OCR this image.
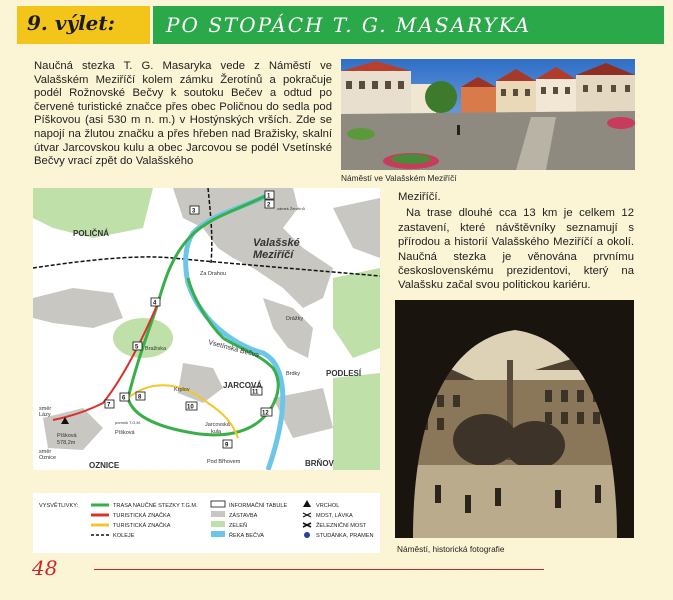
9. výlet:	PO STOPÁCH T. G. MASARYKA

Naučná stezka T. G. Masaryka vede z Náměstí ve Valašském Meziříčí kolem zámku Žerotínů a pokračuje podél Rožnovské Bečvy k soutoku Bečev a odtud po červené turistické značce přes obec Poličnou do sedla pod Píškovou (asi 530 m n. m.) v Hostýnských vrších. Zde se napojí na žlutou značku a přes hřeben nad Bražisky, skalní útvar Jarcovskou kulu a obec Jarcovou se podél Vsetínské Bečvy vrací zpět do Valašského

Náměstí ve Valašském Meziříčí
Meziříčí.
Na trase dlouhé cca 13 km je celkem 12 zastavení, které návštěvníky seznamují s přírodou a historií Valašského Meziříčí a okolí. Naučná stezka je věnována prvnímu československému prezidentovi, který na Valašsku začal svou politickou kariéru.
1
2
3
4
5
6
7
8
9
10
11
12
POLIČNÁ
Valašské
Meziříčí
PODLESÍ
JARCOVÁ
OZNICE	BRŇOV
Za Drahou
Drážky
Vsetínská Bečva
Bražiska
Krplov
Brdky
Jarcovská
kula
Pod Břhovem
Píšková
Píšková
578,2m
směr
Lázy
směr
Oznice
pomník T.G.M.
zámek Žerotínů
VYSVĚTLIVKY:	TRASA NAUČNÉ STEZKY T.G.M.
TURISTICKÁ ZNAČKA
TURISTICKÁ ZNAČKA
KOLEJE
INFORMAČNÍ TABULE
ZÁSTAVBA
ZELEŇ
ŘEKA BEČVA
VRCHOL
MOST, LÁVKA
ŽELEZNIČNÍ MOST
STUDÁNKA, PRAMEN
Náměstí, historická fotografie
48
